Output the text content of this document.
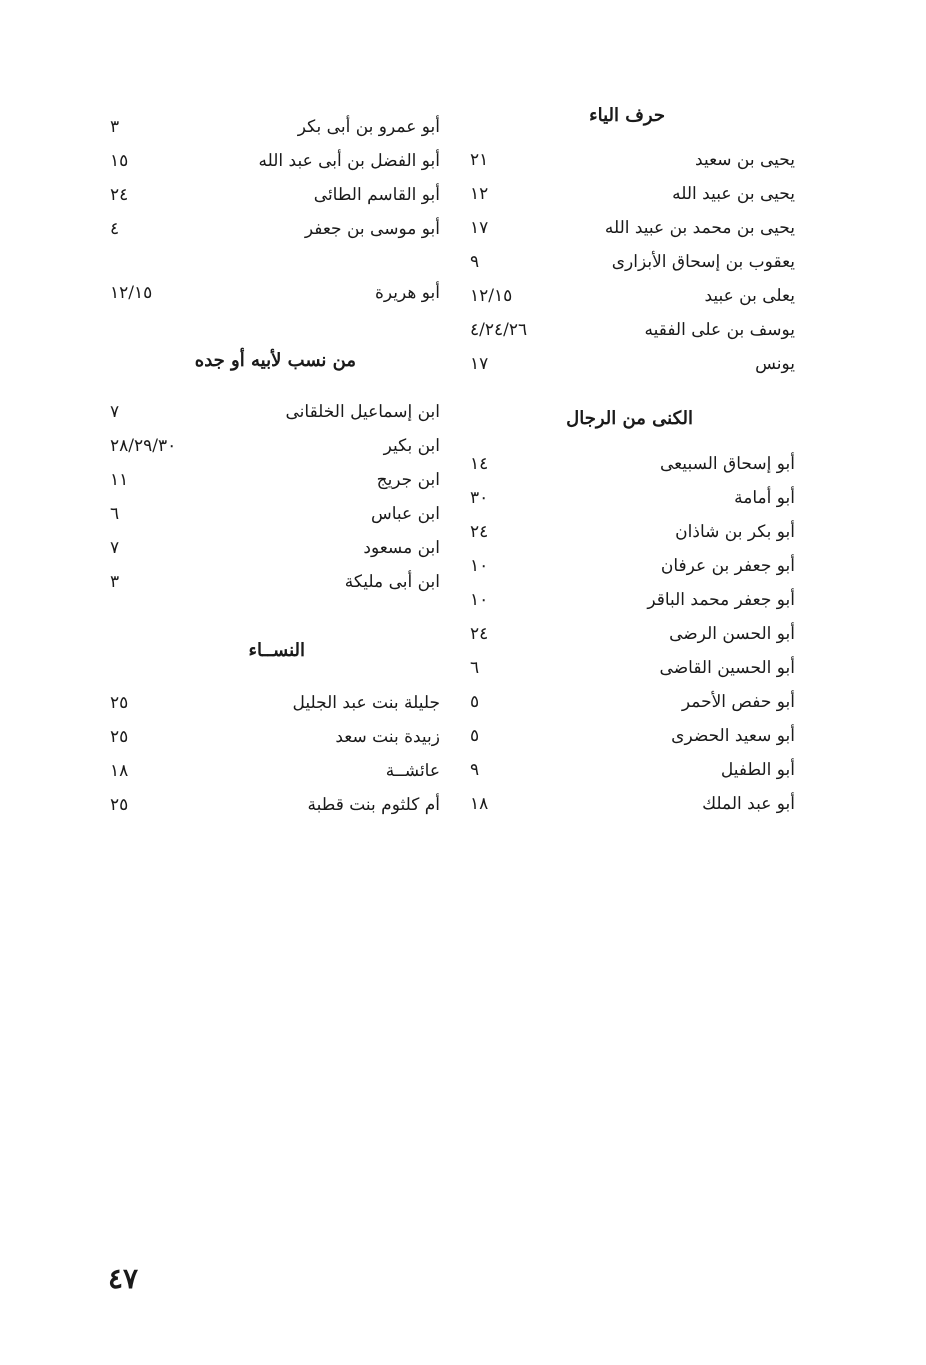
حرف الياء
يحيى بن سعيد
٢١
يحيى بن عبيد الله
١٢
يحيى بن محمد بن عبيد الله
١٧
يعقوب بن إسحاق الأبزارى
٩
يعلى بن عبيد
١٢/١٥
يوسف بن على الفقيه
٤/٢٤/٢٦
يونس
١٧
الكنى من الرجال
أبو إسحاق السبيعى
١٤
أبو أمامة
٣٠
أبو بكر بن شاذان
٢٤
أبو جعفر بن عرفان
١٠
أبو جعفر محمد الباقر
١٠
أبو الحسن الرضى
٢٤
أبو الحسين القاضى
٦
أبو حفص الأحمر
٥
أبو سعيد الحضرى
٥
أبو الطفيل
٩
أبو عبد الملك
١٨
أبو عمرو بن أبى بكر
٣
أبو الفضل بن أبى عبد الله
١٥
أبو القاسم الطائى
٢٤
أبو موسى بن جعفر
٤
أبو هريرة
١٢/١٥
من نسب لأبيه أو جده
ابن إسماعيل الخلقانى
٧
ابن بكير
٢٨/٢٩/٣٠
ابن جريج
١١
ابن عباس
٦
ابن مسعود
٧
ابن أبى مليكة
٣
النســاء
جليلة بنت عبد الجليل
٢٥
زبيدة بنت سعد
٢٥
عائشــة
١٨
أم كلثوم بنت قطبة
٢٥
٤٧
